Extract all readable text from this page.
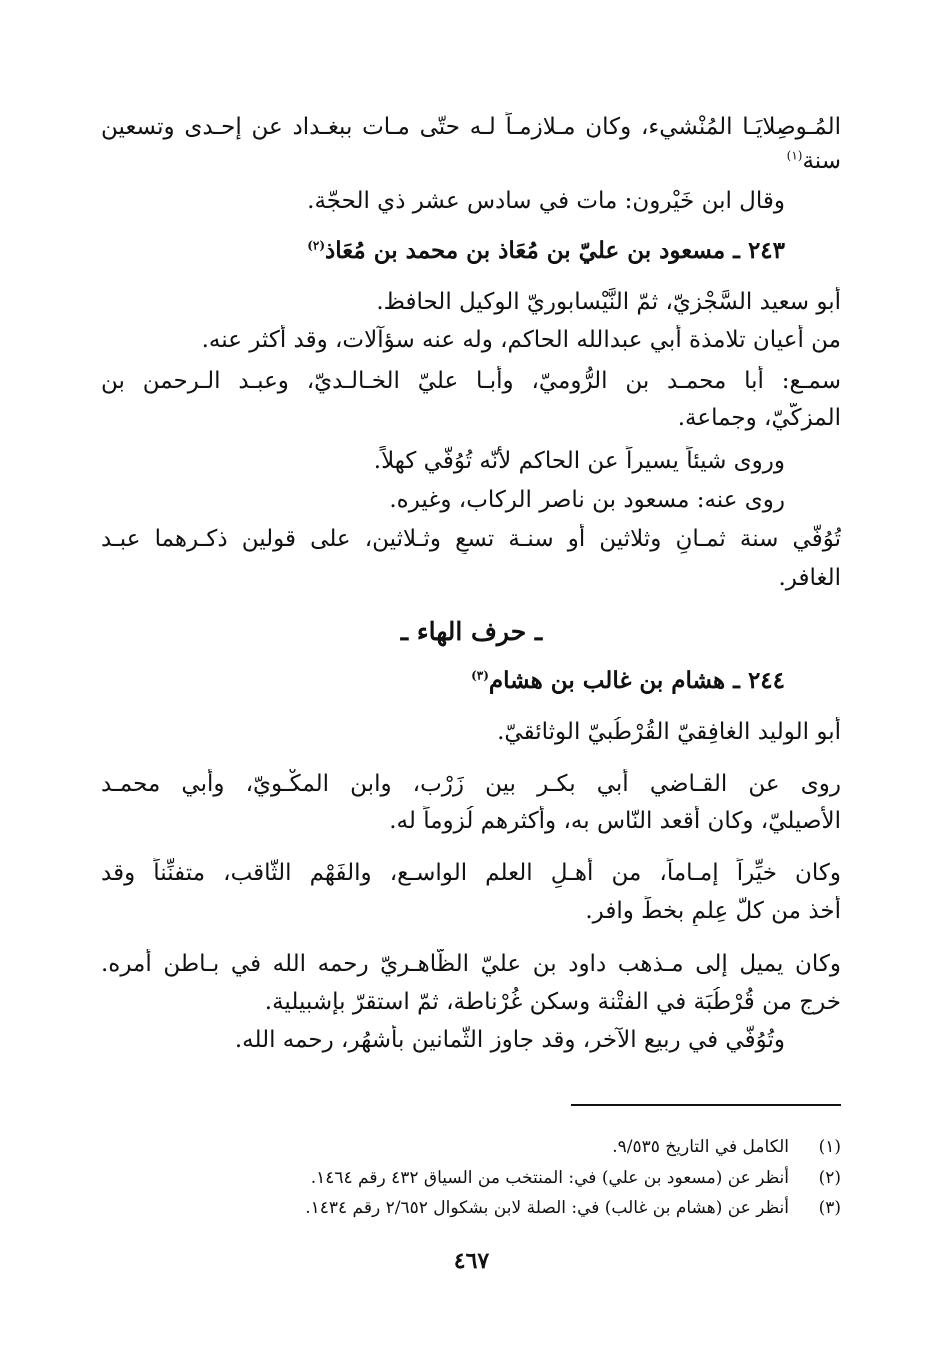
المُـوصِلايَـا المُنْشيء، وكان مـلازمـاً لـه حتّى مـات ببغـداد عن إحـدى وتسعين
سنة$^{(١)}$
وقال ابن خَيْرون: مات في سادس عشر ذي الحجّة.
٢٤٣ ـ مسعود بن عليّ بن مُعَاذ بن محمد بن مُعَاذ$^{(٢)}$
أبو سعيد السَّجْزيّ، ثمّ النَّيْسابوريّ الوكيل الحافظ.
من أعيان تلامذة أبي عبدالله الحاكم، وله عنه سؤآلات، وقد أكثر عنه.
سمـع: أبا محمـد بن الرُّوميّ، وأبـا عليّ الخـالـديّ، وعبـد الـرحمن بن
المزكّيّ، وجماعة.
وروى شيئاً يسيراً عن الحاكم لأنّه تُوُفّي كهلاً.
روى عنه: مسعود بن ناصر الركاب، وغيره.
تُوُفّي سنة ثمـانٍ وثلاثين أو سنـة تسعٍ وثـلاثين، على قولين ذكـرهما عبـد
الغافر.
ـ حرف الهاء ـ
٢٤٤ ـ هشام بن غالب بن هشام$^{(٣)}$
أبو الوليد الغافِقيّ القُرْطُبيّ الوثائقيّ.
روى عن القـاضي أبي بكـر بين زَرْب، وابن المكْـويّ، وأبي محمـد
الأصيليّ، وكان أقعد النّاس به، وأكثرهم لُزوماً له.
وكان خيِّراً إمـاماً، من أهـلِ العلم الواسـع، والفَهْم الثّاقب، متفنِّناً وقد
أخذ من كلّ عِلمٍ بخطٍّ وافر.
وكان يميل إلى مـذهب داود بن عليّ الظّاهـريّ رحمه الله في بـاطن أمره.
خرج من قُرْطُبَة في الفتْنة وسكن غُرْناطة، ثمّ استقرّ بإشبيلية.
وتُوُفّي في ربيع الآخر، وقد جاوز الثّمانين بأشهُر، رحمه الله.
(١)الكامل في التاريخ ٩/٥٣٥.
(٢)أنظر عن (مسعود بن علي) في: المنتخب من السياق ٤٣٢ رقم ١٤٦٤.
(٣)أنظر عن (هشام بن غالب) في: الصلة لابن بشكوال ٢/٦٥٢ رقم ١٤٣٤.
٤٦٧
